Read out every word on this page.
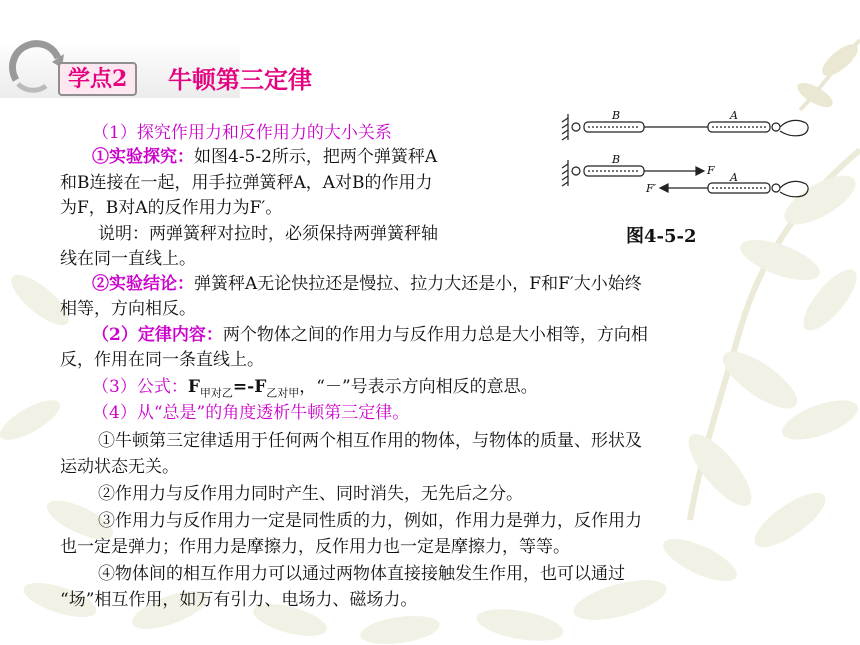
学点2	牛顿第三定律
B	A
B
F
F′
A
图4-5-2
（1）探究作用力和反作用力的大小关系
①实验探究：如图4-5-2所示，把两个弹簧秤A
和B连接在一起，用手拉弹簧秤A，A对B的作用力
为F，B对A的反作用力为F′。
说明：两弹簧秤对拉时，必须保持两弹簧秤轴
线在同一直线上。
②实验结论：弹簧秤A无论快拉还是慢拉、拉力大还是小，F和F′大小始终
相等，方向相反。
（2）定律内容：两个物体之间的作用力与反作用力总是大小相等，方向相
反，作用在同一条直线上。
（3）公式：$F_{甲对乙}=-F_{乙对甲}$，“－”号表示方向相反的意思。
（4）从“总是”的角度透析牛顿第三定律。
①牛顿第三定律适用于任何两个相互作用的物体，与物体的质量、形状及
运动状态无关。
②作用力与反作用力同时产生、同时消失，无先后之分。
③作用力与反作用力一定是同性质的力，例如，作用力是弹力，反作用力
也一定是弹力；作用力是摩擦力，反作用力也一定是摩擦力，等等。
④物体间的相互作用力可以通过两物体直接接触发生作用，也可以通过
“场”相互作用，如万有引力、电场力、磁场力。
